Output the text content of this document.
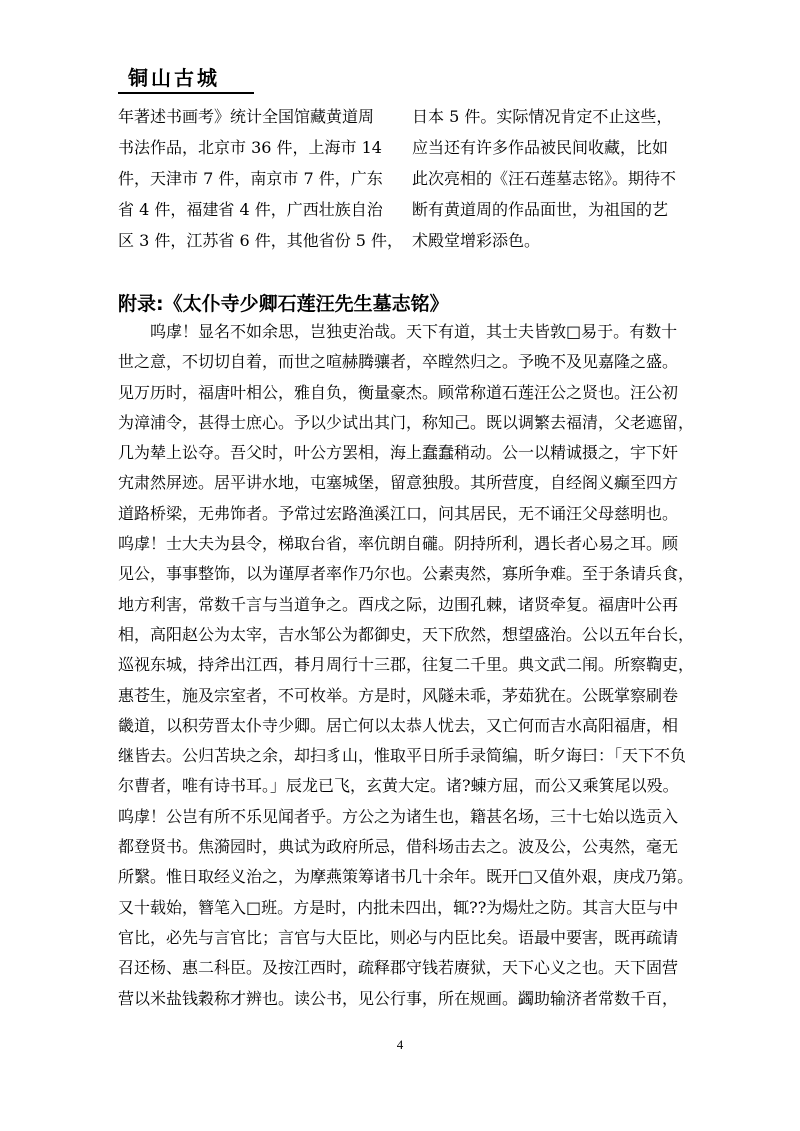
铜山古城
年著述书画考》统计全国馆藏黄道周
书法作品，北京市 36 件，上海市 14
件，天津市 7 件，南京市 7 件，广东
省 4 件，福建省 4 件，广西壮族自治
区 3 件，江苏省 6 件，其他省份 5 件，
日本 5 件。实际情况肯定不止这些，
应当还有许多作品被民间收藏，比如
此次亮相的《汪石莲墓志铭》。期待不
断有黄道周的作品面世，为祖国的艺
术殿堂增彩添色。
附录:《太仆寺少卿石莲汪先生墓志铭》
　　呜虖！显名不如余思，岂独吏治哉。天下有道，其士夫皆敦□易于。有数十
世之意，不切切自着，而世之喧赫腾骧者，卒瞠然归之。予晚不及见嘉隆之盛。
见万历时，福唐叶相公，雅自负，衡量豪杰。顾常称道石莲汪公之贤也。汪公初
为漳浦令，甚得士庶心。予以少试出其门，称知己。既以调繁去福清，父老遮留，
几为辇上讼夺。吾父时，叶公方罢相，海上蠢蠢稍动。公一以精诚摄之，宇下奸
宄肃然屏迹。居平讲水地，屯塞城堡，留意独殷。其所营度，自经阁义癫至四方
道路桥梁，无弗饰者。予常过宏路渔溪江口，问其居民，无不诵汪父母慈明也。
呜虖！士大夫为县令，梯取台省，率伉朗自礲。阴持所利，遇长者心易之耳。顾
见公，事事整饰，以为谨厚者率作乃尔也。公素夷然，寡所争难。至于条请兵食，
地方利害，常数千言与当道争之。酉戌之际，边围孔棘，诸贤牵复。福唐叶公再
相，高阳赵公为太宰，吉水邹公为都御史，天下欣然，想望盛治。公以五年台长，
巡视东城，持斧出江西，朞月周行十三郡，往复二千里。典文武二闱。所察鞫吏，
惠苍生，施及宗室者，不可枚举。方是时，风隧未乖，茅茹犹在。公既掌察刷卷
畿道，以积劳晋太仆寺少卿。居亡何以太恭人忧去，又亡何而吉水高阳福唐，相
继皆去。公归苫块之余，却扫豸山，惟取平日所手录简编，昕夕诲曰：「天下不负
尔曹者，唯有诗书耳。」辰龙已飞，玄黄大定。诸?蝀方屈，而公又乘箕尾以殁。
呜虖！公岂有所不乐见闻者乎。方公之为诸生也，籍甚名场，三十七始以选贡入
都登贤书。焦漪园时，典试为政府所忌，借科场击去之。波及公，公夷然，毫无
所繄。惟日取经义治之，为摩燕策筹诸书几十余年。既开□又值外艰，庚戌乃第。
又十载始，簪笔入□班。方是时，内批未四出，辄??为煬灶之防。其言大臣与中
官比，必先与言官比；言官与大臣比，则必与内臣比矣。语最中要害，既再疏请
召还杨、惠二科臣。及按江西时，疏释郡守钱若赓狱，天下心义之也。天下固营
营以米盐钱穀称才辨也。读公书，见公行事，所在规画。蠲助输济者常数千百，
4
